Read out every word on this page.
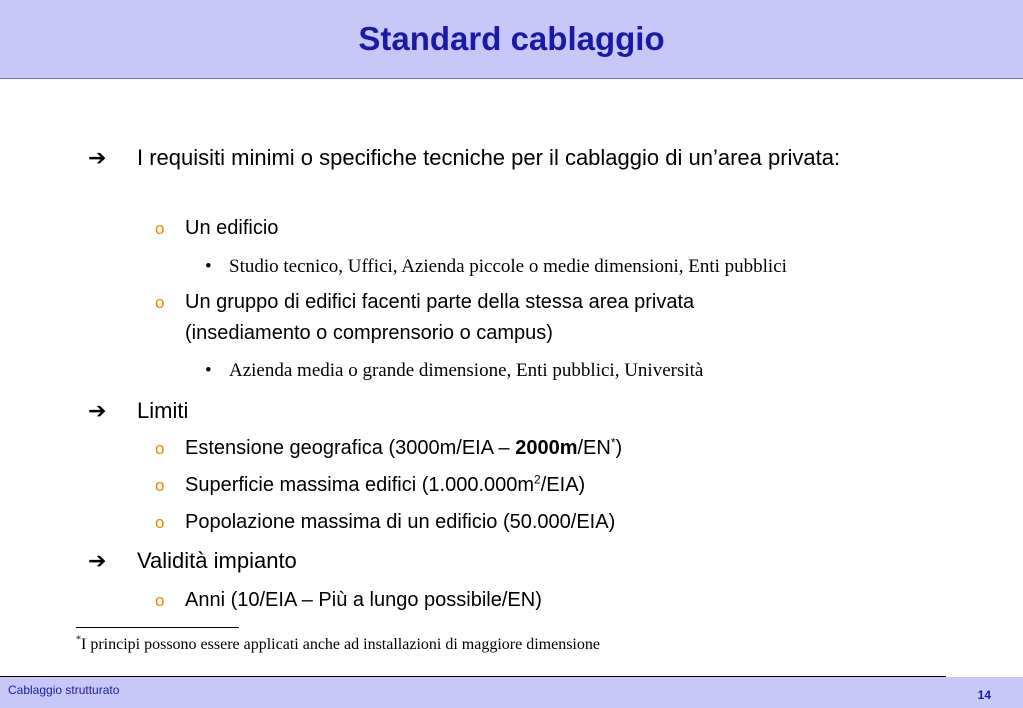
Standard cablaggio
➔ I requisiti minimi o specifiche tecniche per il cablaggio di un’area privata:
o Un edificio
• Studio tecnico, Uffici, Azienda piccole o medie dimensioni, Enti pubblici
o Un gruppo di edifici facenti parte della stessa area privata (insediamento o comprensorio o campus)
• Azienda media o grande dimensione, Enti pubblici, Università
➔ Limiti
o Estensione geografica (3000m/EIA – 2000m/EN*)
o Superficie massima edifici $(1.000.000m^2/EIA)$
o Popolazione massima di un edificio (50.000/EIA)
➔ Validità impianto
o Anni (10/EIA – Più a lungo possibile/EN)
*I principi possono essere applicati anche ad installazioni di maggiore dimensione
Cablaggio strutturato	14
